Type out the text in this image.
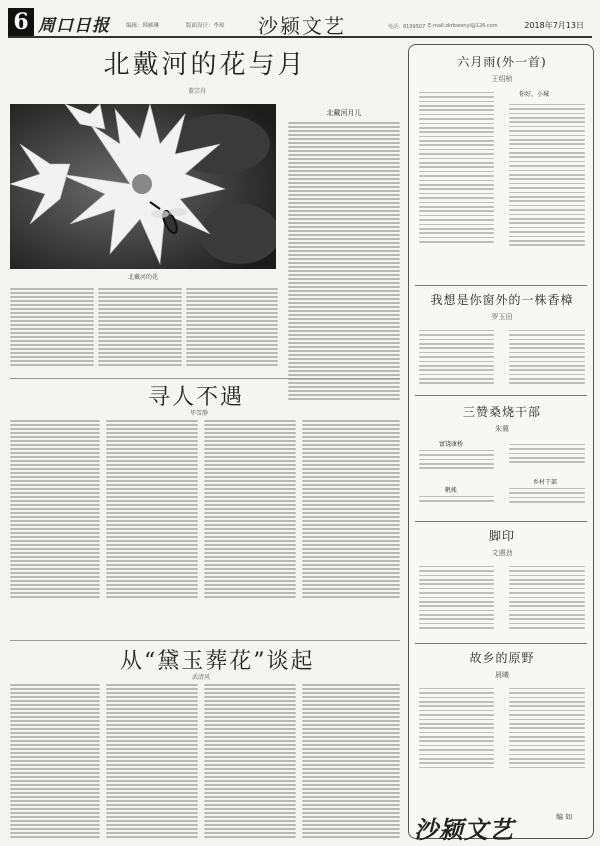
6 周口日报	编辑：韩雁琳	版面设计：李琼 沙颍文艺	电话：8199507 E-mail:zkrbwenyi@126.com	2018年7月13日
北戴河的花与月
董宗舟
北戴河的花
北戴河月儿
寻人不遇
毕雪静
从“黛玉葬花”谈起
武清风
六月雨(外一首)
王绍桢
你好，小城
我想是你窗外的一株香樟
罗玉田
三赞桑烧干部
朱冀
富饶康桥
帆帐
乡村干部
脚印
文遇劲
故乡的原野
晨曦
沙颍文艺	编 如
